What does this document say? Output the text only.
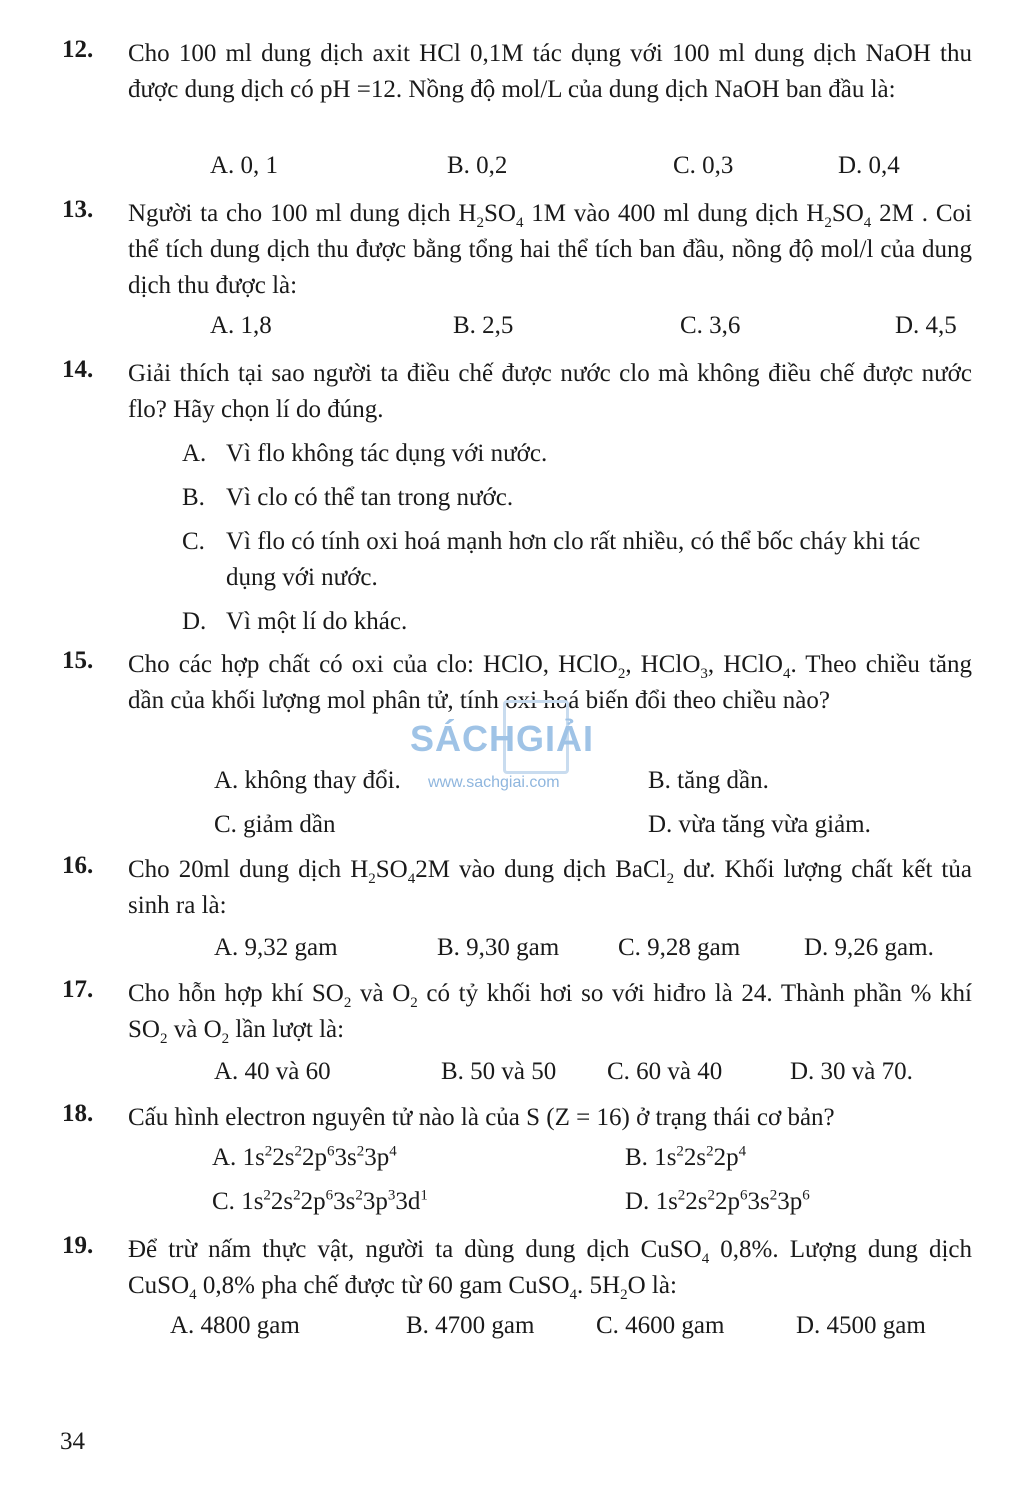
12. Cho 100 ml dung dịch axit HCl 0,1M tác dụng với 100 ml dung dịch NaOH thu được dung dịch có pH =12. Nồng độ mol/L của dung dịch NaOH ban đầu là:
A. 0, 1	B. 0,2	C. 0,3	D. 0,4
13. Người ta cho 100 ml dung dịch $H_2SO_4$ 1M vào 400 ml dung dịch $H_2SO_4$ 2M . Coi thể tích dung dịch thu được bằng tổng hai thể tích ban đầu, nồng độ mol/l của dung dịch thu được là:
A. 1,8	B. 2,5	C. 3,6	D. 4,5
14. Giải thích tại sao người ta điều chế được nước clo mà không điều chế được nước flo? Hãy chọn lí do đúng.
A. Vì flo không tác dụng với nước.
B. Vì clo có thể tan trong nước.
C. Vì flo có tính oxi hoá mạnh hơn clo rất nhiều, có thể bốc cháy khi tác dụng với nước.
D. Vì một lí do khác.
15. Cho các hợp chất có oxi của clo: HClO, HClO$_2$, HClO$_3$, HClO$_4$. Theo chiều tăng dần của khối lượng mol phân tử, tính oxi hoá biến đổi theo chiều nào?
A. không thay đổi.	B. tăng dần.
C. giảm dần	D. vừa tăng vừa giảm.
SÁCHGIẢI
www.sachgiai.com
16. Cho 20ml dung dịch $H_2SO_42M$ vào dung dịch BaCl$_2$ dư. Khối lượng chất kết tủa sinh ra là:
A. 9,32 gam	B. 9,30 gam C. 9,28 gam	D. 9,26 gam.
17. Cho hỗn hợp khí $SO_2$ và $O_2$ có tỷ khối hơi so với hiđro là 24. Thành phần % khí $SO_2$ và $O_2$ lần lượt là:
A. 40 và 60	B. 50 và 50 C. 60 và 40	D. 30 và 70.
18. Cấu hình electron nguyên tử nào là của S (Z = 16) ở trạng thái cơ bản?
A. $1s^22s^22p^63s^23p^4$	B. $1s^22s^22p^4$
C. $1s^22s^22p^63s^23p^33d^1$	D. $1s^22s^22p^63s^23p^6$
19. Để trừ nấm thực vật, người ta dùng dung dịch CuSO$_4$ 0,8%. Lượng dung dịch CuSO$_4$ 0,8% pha chế được từ 60 gam CuSO$_4$. $5H_2O$ là:
A. 4800 gam	B. 4700 gam C. 4600 gam	D. 4500 gam
34
